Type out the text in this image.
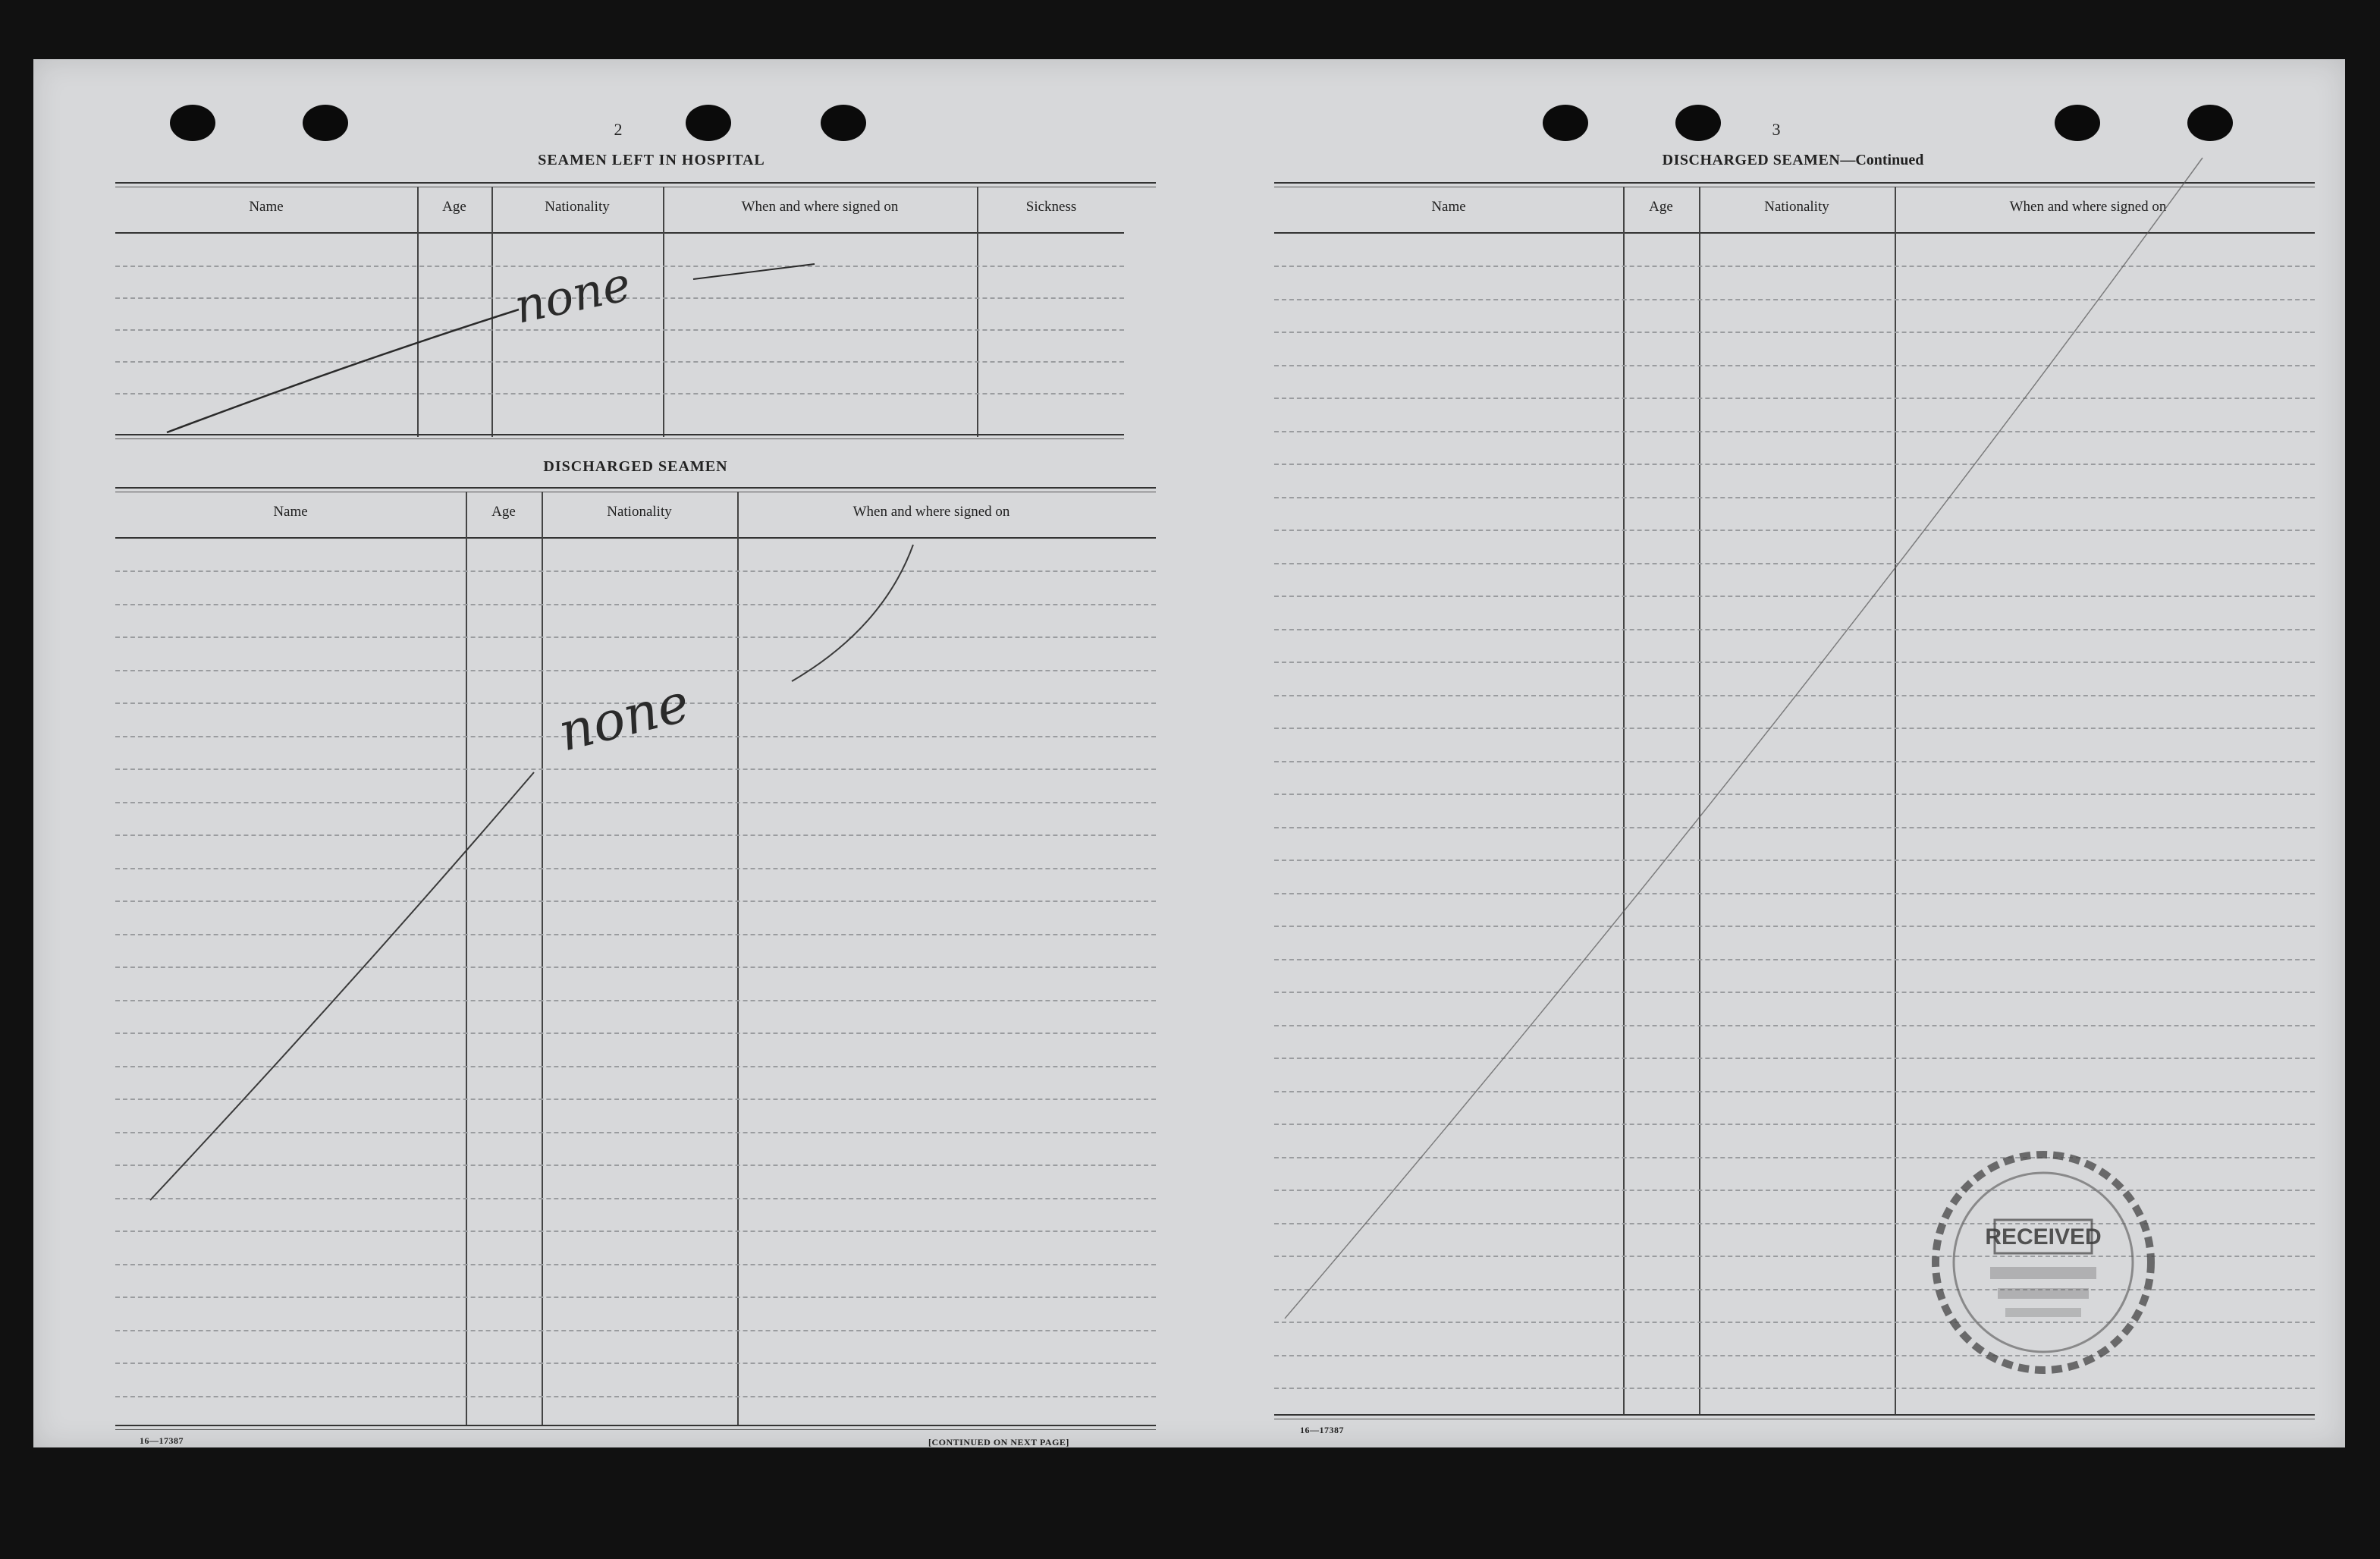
2
SEAMEN LEFT IN HOSPITAL
Name	Age	Nationality	When and where signed on	Sickness
DISCHARGED SEAMEN
Name	Age	Nationality	When and where signed on
16—17387	[CONTINUED ON NEXT PAGE]
3
DISCHARGED SEAMEN—Continued
Name	Age	Nationality	When and where signed on
16—17387
none
none
RECEIVED
